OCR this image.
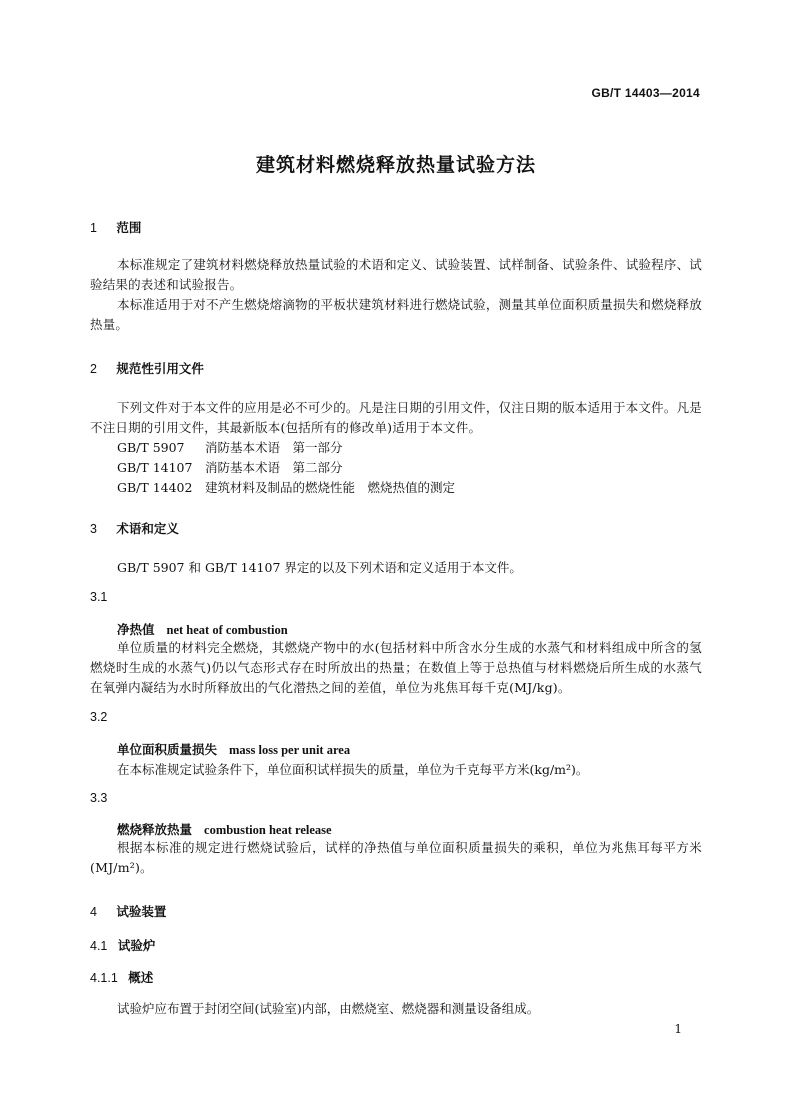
GB/T 14403—2014
建筑材料燃烧释放热量试验方法
1 范围
本标准规定了建筑材料燃烧释放热量试验的术语和定义、试验装置、试样制备、试验条件、试验程序、试验结果的表述和试验报告。
本标准适用于对不产生燃烧熔滴物的平板状建筑材料进行燃烧试验，测量其单位面积质量损失和燃烧释放热量。
2 规范性引用文件
下列文件对于本文件的应用是必不可少的。凡是注日期的引用文件，仅注日期的版本适用于本文件。凡是不注日期的引用文件，其最新版本(包括所有的修改单)适用于本文件。
GB/T 5907 消防基本术语　第一部分
GB/T 14107 消防基本术语　第二部分
GB/T 14402 建筑材料及制品的燃烧性能　燃烧热值的测定
3 术语和定义
GB/T 5907 和 GB/T 14107 界定的以及下列术语和定义适用于本文件。
3.1
净热值 net heat of combustion
单位质量的材料完全燃烧，其燃烧产物中的水(包括材料中所含水分生成的水蒸气和材料组成中所含的氢燃烧时生成的水蒸气)仍以气态形式存在时所放出的热量；在数值上等于总热值与材料燃烧后所生成的水蒸气在氧弹内凝结为水时所释放出的气化潜热之间的差值，单位为兆焦耳每千克(MJ/kg)。
3.2
单位面积质量损失 mass loss per unit area
在本标准规定试验条件下，单位面积试样损失的质量，单位为千克每平方米(kg/m²)。
3.3
燃烧释放热量 combustion heat release
根据本标准的规定进行燃烧试验后，试样的净热值与单位面积质量损失的乘积，单位为兆焦耳每平方米(MJ/m²)。
4 试验装置
4.1 试验炉
4.1.1 概述
试验炉应布置于封闭空间(试验室)内部，由燃烧室、燃烧器和测量设备组成。
1
